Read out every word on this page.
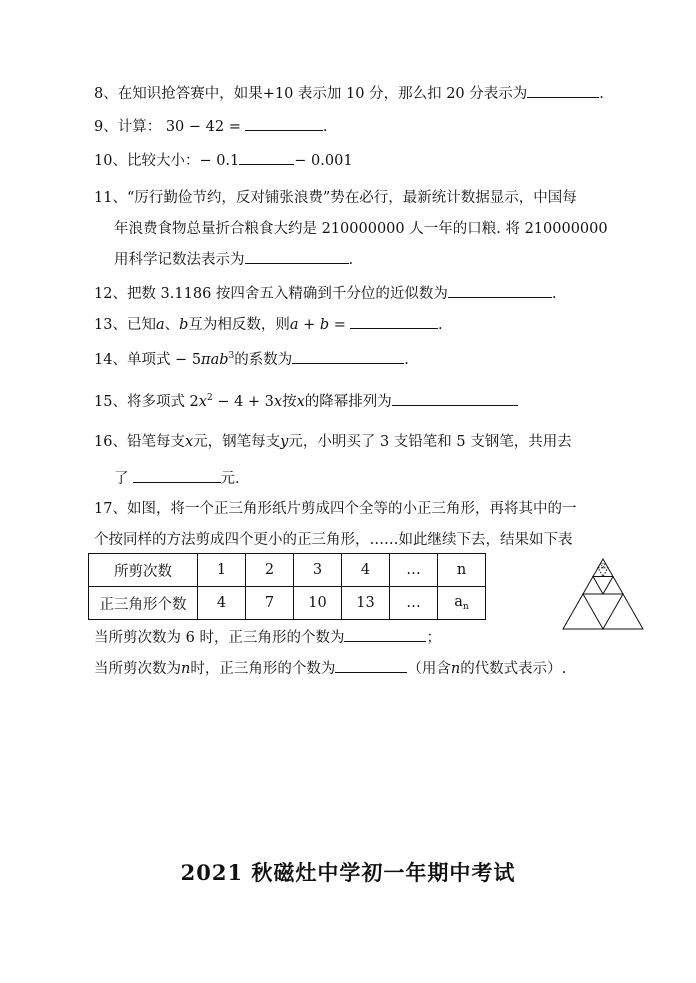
8、在知识抢答赛中，如果+10 表示加 10 分，那么扣 20 分表示为	.
9、计算： 30 − 42 =	.
10、比较大小：− 0.1	− 0.001
11、“厉行勤俭节约，反对铺张浪费”势在必行，最新统计数据显示，中国每
年浪费食物总量折合粮食大约是 210000000 人一年的口粮. 将 210000000
用科学记数法表示为	.
12、把数 3.1186 按四舍五入精确到千分位的近似数为	.
13、已知a、b互为相反数，则a + b =	.
14、单项式 − 5πab$^3$的系数为	.
15、将多项式 $2x^2 - 4 + 3x$按x的降幂排列为
16、铅笔每支x元，钢笔每支y元，小明买了 3 支铅笔和 5 支钢笔，共用去
了	元.
17、如图，将一个正三角形纸片剪成四个全等的小正三角形，再将其中的一
个按同样的方法剪成四个更小的正三角形，……如此继续下去，结果如下表
所剪次数	1	2	3	4	…	n
正三角形个数	4	7	10	13	…	$a_n$
当所剪次数为 6 时，正三角形的个数为	；
当所剪次数为n时，正三角形的个数为	（用含n的代数式表示）.
2021 秋磁灶中学初一年期中考试
